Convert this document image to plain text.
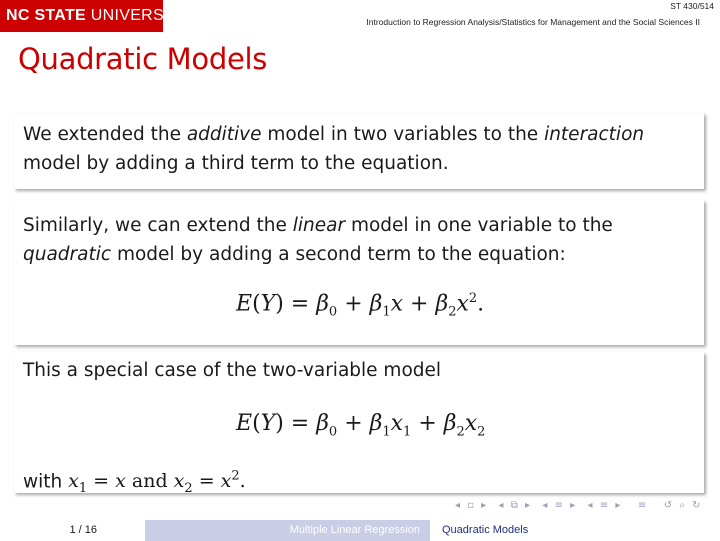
NC STATE UNIVERSITY
ST 430/514
Introduction to Regression Analysis/Statistics for Management and the Social Sciences II
Quadratic Models

We extended the additive model in two variables to the interaction

model by adding a third term to the equation.

Similarly, we can extend the linear model in one variable to the

quadratic model by adding a second term to the equation:

$E(Y) = \beta_0 + \beta_1x + \beta_2x^2$.

This a special case of the two-variable model

$E(Y) = \beta_0 + \beta_1x_1 + \beta_2x_2$

with $x_1 = x$ and $x_2 = x^2$.

◂ ▫ ▸  ◂ ⧉ ▸  ◂ ≡ ▸  ◂ ≡ ▸   ≡   ↺ ⌕ ↻
1 / 16	Multiple Linear Regression	Quadratic Models
